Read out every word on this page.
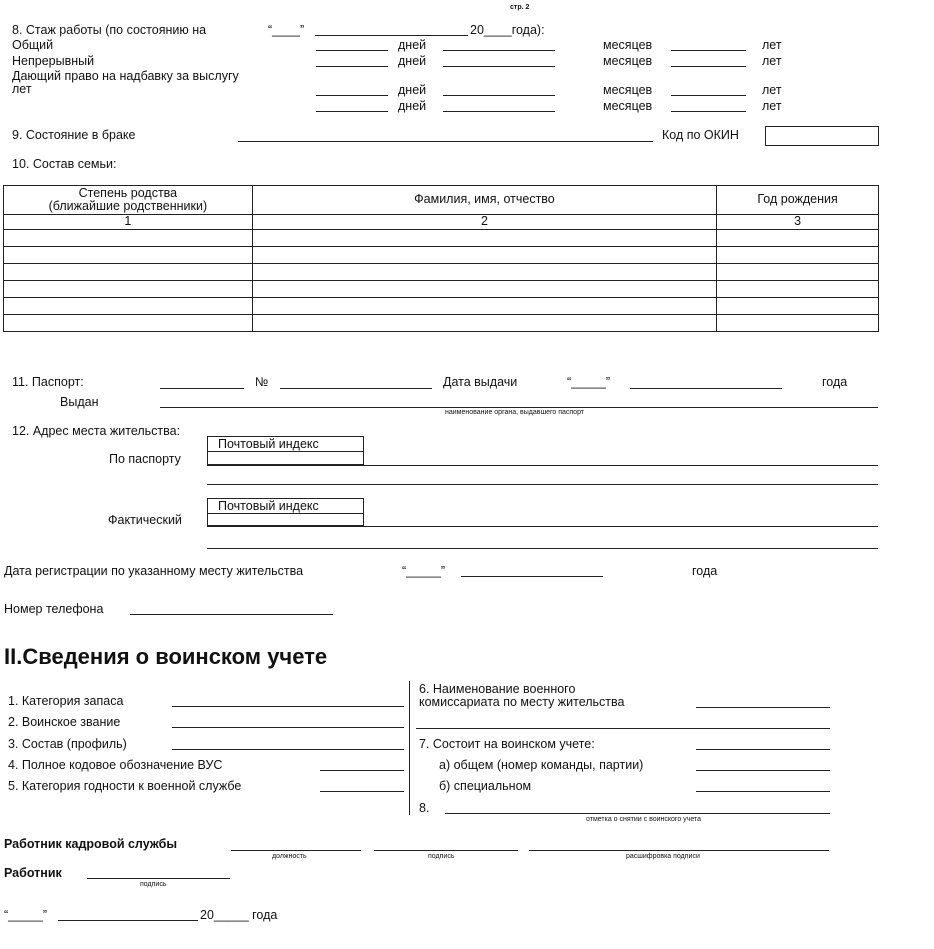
стр. 2
8. Стаж работы (по состоянию на	“____”	20____года):
Общий
Непрерывный
Дающий право на надбавку за выслугу
лет
дней	месяцев	лет
дней	месяцев	лет
дней	месяцев	лет
дней	месяцев	лет
9. Состояние в браке	Код по ОКИН
10. Состав семьи:
Степень родства
(ближайшие родственники)	Фамилия, имя, отчество	Год рождения
1	2	3

11. Паспорт:	№	Дата выдачи	“_____”	года
Выдан
наименование органа, выдавшего паспорт
12. Адрес места жительства:
Почтовый индекс
По паспорту
Почтовый индекс
Фактический
Дата регистрации по указанному месту жительства	“_____”	года
Номер телефона
II.Сведения о воинском учете
1. Категория запаса
2. Воинское звание
3. Состав (профиль)
4. Полное кодовое обозначение ВУС
5. Категория годности к военной службе
6. Наименование военного
комиссариата по месту жительства
7. Состоит на воинском учете:
а) общем (номер команды, партии)
б) специальном
8.
отметка о снятии с воинского учета
Работник кадровой службы
должность	подпись	расшифровка подписи
Работник
подпись
“_____”	20_____ года
